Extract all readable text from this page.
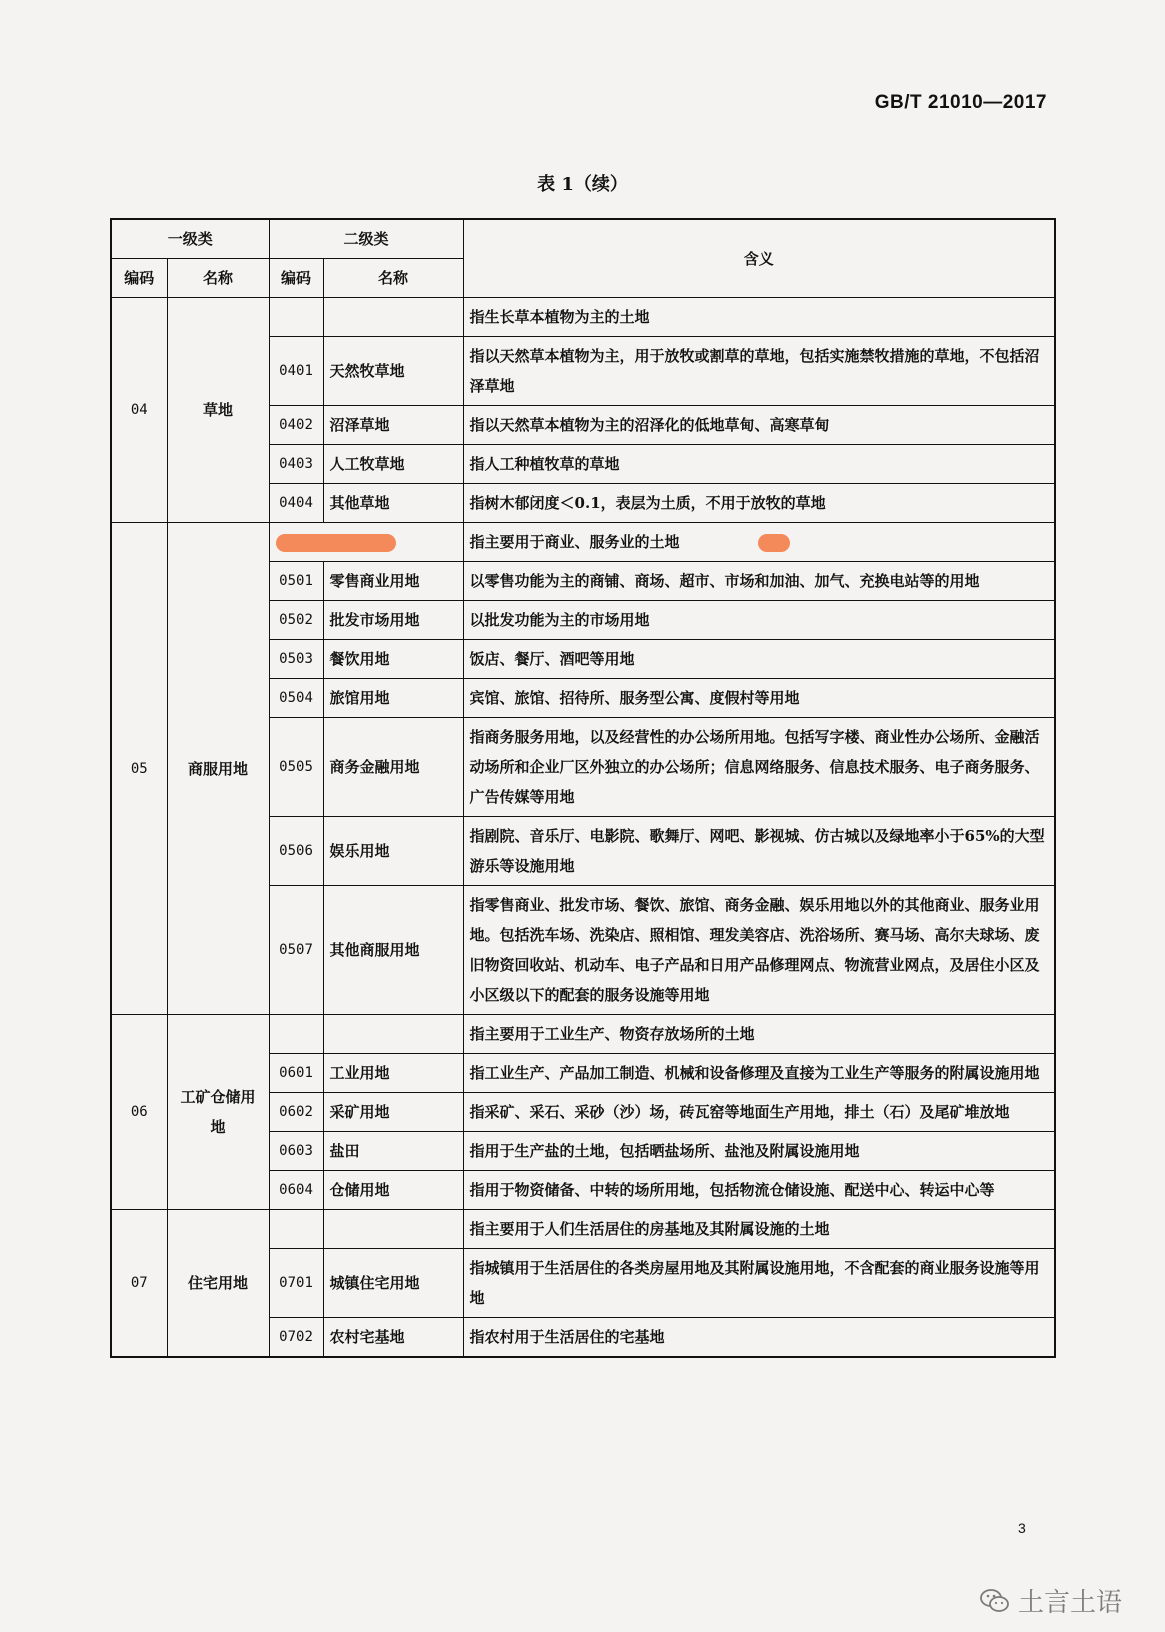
GB/T 21010—2017
表 1（续）
一级类		二级类		含义
编码	名称	编码	名称	
04	草地			指生长草本植物为主的土地
		0401	天然牧草地	指以天然草本植物为主，用于放牧或割草的草地，包括实施禁牧措施的草地，不包括沼泽草地
		0402	沼泽草地	指以天然草本植物为主的沼泽化的低地草甸、高寒草甸
		0403	人工牧草地	指人工种植牧草的草地
		0404	其他草地	指树木郁闭度＜0.1，表层为土质，不用于放牧的草地
05	商服用地			指主要用于商业、服务业的土地
		0501	零售商业用地	以零售功能为主的商铺、商场、超市、市场和加油、加气、充换电站等的用地
		0502	批发市场用地	以批发功能为主的市场用地
		0503	餐饮用地	饭店、餐厅、酒吧等用地
		0504	旅馆用地	宾馆、旅馆、招待所、服务型公寓、度假村等用地
		0505	商务金融用地	指商务服务用地，以及经营性的办公场所用地。包括写字楼、商业性办公场所、金融活动场所和企业厂区外独立的办公场所；信息网络服务、信息技术服务、电子商务服务、广告传媒等用地
		0506	娱乐用地	指剧院、音乐厅、电影院、歌舞厅、网吧、影视城、仿古城以及绿地率小于65%的大型游乐等设施用地
		0507	其他商服用地	指零售商业、批发市场、餐饮、旅馆、商务金融、娱乐用地以外的其他商业、服务业用地。包括洗车场、洗染店、照相馆、理发美容店、洗浴场所、赛马场、高尔夫球场、废旧物资回收站、机动车、电子产品和日用产品修理网点、物流营业网点，及居住小区及小区级以下的配套的服务设施等用地
06	工矿仓储用地			指主要用于工业生产、物资存放场所的土地
		0601	工业用地	指工业生产、产品加工制造、机械和设备修理及直接为工业生产等服务的附属设施用地
		0602	采矿用地	指采矿、采石、采砂（沙）场，砖瓦窑等地面生产用地，排土（石）及尾矿堆放地
		0603	盐田	指用于生产盐的土地，包括晒盐场所、盐池及附属设施用地
		0604	仓储用地	指用于物资储备、中转的场所用地，包括物流仓储设施、配送中心、转运中心等
07	住宅用地			指主要用于人们生活居住的房基地及其附属设施的土地
		0701	城镇住宅用地	指城镇用于生活居住的各类房屋用地及其附属设施用地，不含配套的商业服务设施等用地
		0702	农村宅基地	指农村用于生活居住的宅基地
3
土言土语
